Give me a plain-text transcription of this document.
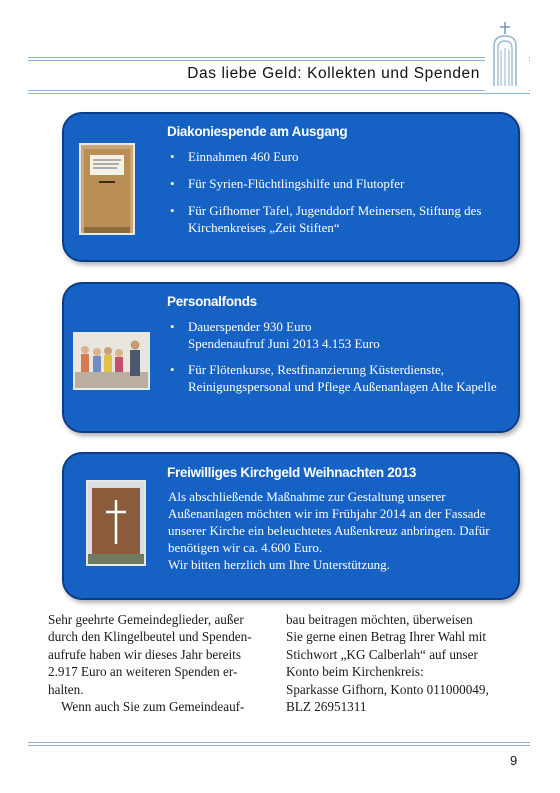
Das liebe Geld: Kollekten und Spenden
Diakoniespende am Ausgang
• Einnahmen 460 Euro
• Für Syrien-Flüchtlingshilfe und Flutopfer
• Für Gifhomer Tafel, Jugenddorf Meinersen, Stiftung des Kirchenkreises „Zeit Stiften“
Personalfonds
• Dauerspender 930 Euro
Spendenaufruf Juni 2013 4.153 Euro
• Für Flötenkurse, Restfinanzierung Küsterdienste, Reinigungspersonal und Pflege Außenanlagen Alte Kapelle
Freiwilliges Kirchgeld Weihnachten 2013

Als abschließende Maßnahme zur Gestaltung unserer Außenanlagen möchten wir im Frühjahr 2014 an der Fassade unserer Kirche ein beleuchtetes Außenkreuz anbringen. Dafür benötigen wir ca. 4.600 Euro.
Wir bitten herzlich um Ihre Unterstützung.

Sehr geehrte Gemeindeglieder, außer
durch den Klingelbeutel und Spenden-
aufrufe haben wir dieses Jahr bereits
2.917 Euro an weiteren Spenden er-
halten.
Wenn auch Sie zum Gemeindeauf-
bau beitragen möchten, überweisen
Sie gerne einen Betrag Ihrer Wahl mit
Stichwort „KG Calberlah“ auf unser
Konto beim Kirchenkreis:
Sparkasse Gifhorn, Konto 011000049,
BLZ 26951311
9
